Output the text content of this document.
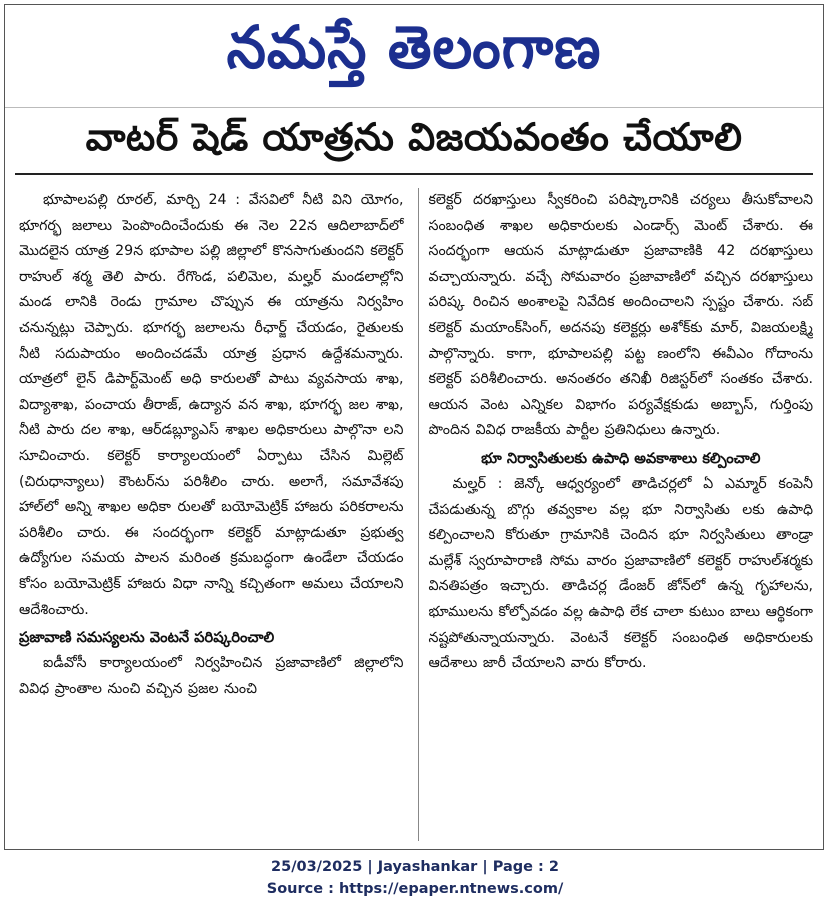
నమస్తే తెలంగాణ
వాటర్ షెడ్ యాత్రను విజయవంతం చేయాలి

భూపాలపల్లి రూరల్, మార్చి 24 : వేసవిలో నీటి విని యోగం, భూగర్భ జలాలు పెంపొందించేందుకు ఈ నెల 22న ఆదిలాబాద్‌లో మొదలైన యాత్ర 29న భూపాల పల్లి జిల్లాలో కొనసాగుతుందని కలెక్టర్ రాహుల్ శర్మ తెలి పారు. రేగొండ, పలిమెల, మల్హర్ మండలాల్లోని మండ లానికి రెండు గ్రామాల చొప్పున ఈ యాత్రను నిర్వహిం చనున్నట్లు చెప్పారు. భూగర్భ జలాలను రీఛార్జ్ చేయడం, రైతులకు నీటి సదుపాయం అందించడమే యాత్ర ప్రధాన ఉద్దేశమన్నారు. యాత్రలో లైన్ డిపార్ట్‌మెంట్ అధి కారులతో పాటు వ్యవసాయ శాఖ, విద్యాశాఖ, పంచాయ తీరాజ్, ఉద్యాన వన శాఖ, భూగర్భ జల శాఖ, నీటి పారు దల శాఖ, ఆర్‌డబ్ల్యూఎస్ శాఖల అధికారులు పాల్గొనా లని సూచించారు. కలెక్టర్ కార్యాలయంలో ఏర్పాటు చేసిన మిల్లెట్ (చిరుధాన్యాలు) కౌంటర్‌ను పరిశీలిం చారు. అలాగే, సమావేశపు హాల్‌లో అన్ని శాఖల అధికా రులతో బయోమెట్రిక్ హాజరు పరికరాలను పరిశీలిం చారు. ఈ సందర్భంగా కలెక్టర్ మాట్లాడుతూ ప్రభుత్వ ఉద్యోగుల సమయ పాలన మరింత క్రమబద్ధంగా ఉండేలా చేయడం కోసం బయోమెట్రిక్ హాజరు విధా నాన్ని కచ్చితంగా అమలు చేయాలని ఆదేశించారు.

ప్రజావాణి సమస్యలను వెంటనే పరిష్కరించాలి

ఐడీవోసీ కార్యాలయంలో నిర్వహించిన ప్రజావాణిలో జిల్లాలోని వివిధ ప్రాంతాల నుంచి వచ్చిన ప్రజల నుంచి

కలెక్టర్ దరఖాస్తులు స్వీకరించి పరిష్కారానికి చర్యలు తీసుకోవాలని సంబంధిత శాఖల అధికారులకు ఎండార్స్ మెంట్ చేశారు. ఈ సందర్భంగా ఆయన మాట్లాడుతూ ప్రజావాణికి 42 దరఖాస్తులు వచ్చాయన్నారు. వచ్చే సోమవారం ప్రజావాణిలో వచ్చిన దరఖాస్తులు పరిష్క రించిన అంశాలపై నివేదిక అందించాలని స్పష్టం చేశారు. సబ్ కలెక్టర్ మయాంక్‌సింగ్, అదనపు కలెక్టర్లు అశోక్‌కు మార్, విజయలక్ష్మి పాల్గొన్నారు. కాగా, భూపాలపల్లి పట్ట ణంలోని ఈవీఎం గోదాంను కలెక్టర్ పరిశీలించారు. అనంతరం తనిఖీ రిజిస్టర్‌లో సంతకం చేశారు. ఆయన వెంట ఎన్నికల విభాగం పర్యవేక్షకుడు అబ్బాస్, గుర్తింపు పొందిన వివిధ రాజకీయ పార్టీల ప్రతినిధులు ఉన్నారు.

భూ నిర్వాసితులకు ఉపాధి అవకాశాలు కల్పించాలి

మల్హర్ : జెన్కో ఆధ్వర్యంలో తాడిచర్లలో ఏ ఎమ్మార్ కంపెనీ చేపడుతున్న బొగ్గు తవ్వకాల వల్ల భూ నిర్వాసితు లకు ఉపాధి కల్పించాలని కోరుతూ గ్రామానికి చెందిన భూ నిర్వసితులు తాండ్రా మల్లేశ్ స్వరూపారాణి సోమ వారం ప్రజావాణిలో కలెక్టర్ రాహుల్‌శర్మకు వినతిపత్రం ఇచ్చారు. తాడిచర్ల డేంజర్ జోన్‌లో ఉన్న గృహాలను, భూములను కోల్పోవడం వల్ల ఉపాధి లేక చాలా కుటుం బాలు ఆర్థికంగా నష్టపోతున్నాయన్నారు. వెంటనే కలెక్టర్ సంబంధిత అధికారులకు ఆదేశాలు జారీ చేయాలని వారు కోరారు.

25/03/2025 | Jayashankar | Page : 2
Source : https://epaper.ntnews.com/
